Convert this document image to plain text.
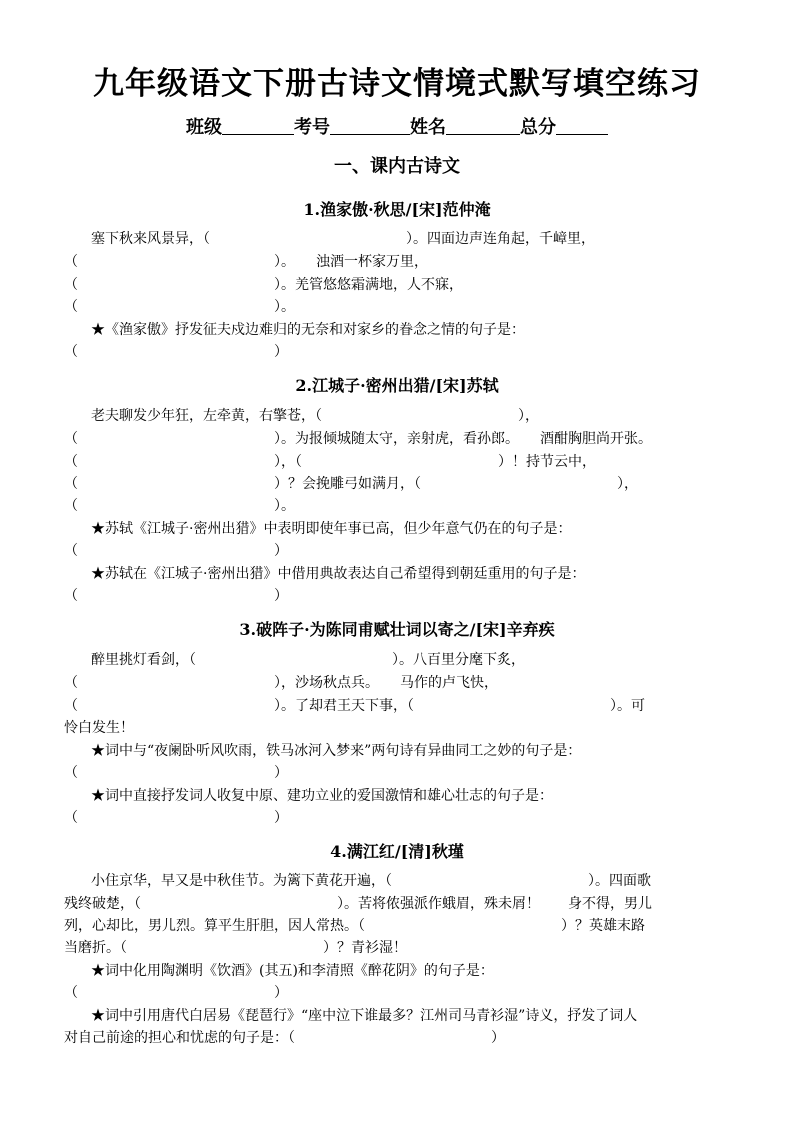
九年级语文下册古诗文情境式默写填空练习
班级	考号	姓名	总分
一、课内古诗文
1.渔家傲·秋思/[宋]范仲淹
塞下秋来风景异，（　　　　　　　　　　　　　　）。四面边声连角起，千嶂里，
（　　　　　　　　　　　　　　）。　　浊酒一杯家万里，
（　　　　　　　　　　　　　　）。羌管悠悠霜满地，人不寐，
（　　　　　　　　　　　　　　）。
★《渔家傲》抒发征夫戍边难归的无奈和对家乡的眷念之情的句子是：
（　　　　　　　　　　　　　　）
2.江城子·密州出猎/[宋]苏轼
老夫聊发少年狂，左牵黄，右擎苍，（　　　　　　　　　　　　　　），
（　　　　　　　　　　　　　　）。为报倾城随太守，亲射虎，看孙郎。　　酒酣胸胆尚开张。
（　　　　　　　　　　　　　　），（　　　　　　　　　　　　　　）！持节云中，
（　　　　　　　　　　　　　　）？会挽雕弓如满月，（　　　　　　　　　　　　　　），
（　　　　　　　　　　　　　　）。
★苏轼《江城子·密州出猎》中表明即使年事已高，但少年意气仍在的句子是：
（　　　　　　　　　　　　　　）
★苏轼在《江城子·密州出猎》中借用典故表达自己希望得到朝廷重用的句子是：
（　　　　　　　　　　　　　　）
3.破阵子·为陈同甫赋壮词以寄之/[宋]辛弃疾
醉里挑灯看剑，（　　　　　　　　　　　　　　）。八百里分麾下炙，
（　　　　　　　　　　　　　　），沙场秋点兵。　　马作的卢飞快，
（　　　　　　　　　　　　　　）。了却君王天下事，（　　　　　　　　　　　　　　）。可
怜白发生！
★词中与“夜阑卧听风吹雨，铁马冰河入梦来”两句诗有异曲同工之妙的句子是：
（　　　　　　　　　　　　　　）
★词中直接抒发词人收复中原、建功立业的爱国激情和雄心壮志的句子是：
（　　　　　　　　　　　　　　）
4.满江红/[清]秋瑾
小住京华，早又是中秋佳节。为篱下黄花开遍，（　　　　　　　　　　　　　　）。四面歌
残终破楚，（　　　　　　　　　　　　　　）。苦将侬强派作蛾眉，殊未屑！　　身不得，男儿
列，心却比，男儿烈。算平生肝胆，因人常热。（　　　　　　　　　　　　　　）？英雄末路
当磨折。（　　　　　　　　　　　　　　）？青衫湿！
★词中化用陶渊明《饮酒》(其五)和李清照《醉花阴》的句子是：
（　　　　　　　　　　　　　　）
★词中引用唐代白居易《琵琶行》“座中泣下谁最多？江州司马青衫湿”诗义，抒发了词人
对自己前途的担心和忧虑的句子是：（　　　　　　　　　　　　　　）
